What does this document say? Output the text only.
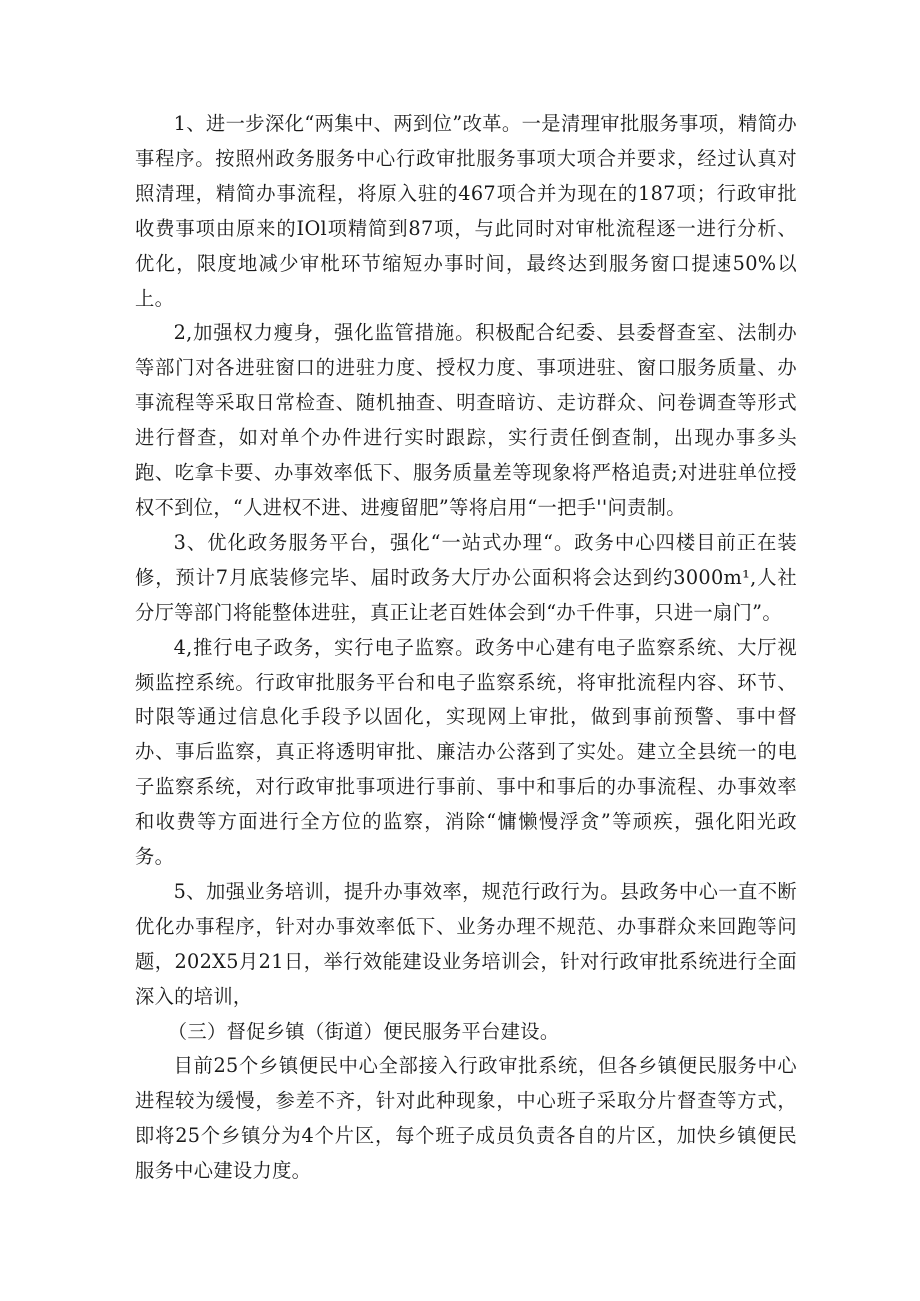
1、进一步深化“两集中、两到位”改革。一是清理审批服务事项，精简办事程序。按照州政务服务中心行政审批服务事项大项合并要求，经过认真对照清理，精简办事流程，将原入驻的467项合并为现在的187项；行政审批收费事项由原来的IOl项精简到87项，与此同时对审枇流程逐一进行分析、优化，限度地减少审枇环节缩短办事时间，最终达到服务窗口提速50%以上。

2,加强权力瘦身，强化监管措施。积极配合纪委、县委督查室、法制办等部门对各进驻窗口的进驻力度、授权力度、事项进驻、窗口服务质量、办事流程等采取日常检查、随机抽查、明查暗访、走访群众、问卷调查等形式进行督查，如对单个办件进行实时跟踪，实行责任倒查制，出现办事多头跑、吃拿卡要、办事效率低下、服务质量差等现象将严格追责;对进驻单位授权不到位，“人进权不进、进瘦留肥”等将启用“一把手''问责制。

3、优化政务服务平台，强化“一站式办理“。政务中心四楼目前正在装修，预计7月底装修完毕、届时政务大厅办公面积将会达到约3000m¹,人社分厅等部门将能整体进驻，真正让老百姓体会到“办千件事，只进一扇门”。

4,推行电子政务，实行电子监察。政务中心建有电子监察系统、大厅视频监控系统。行政审批服务平台和电子监察系统，将审批流程内容、环节、时限等通过信息化手段予以固化，实现网上审批，做到事前预警、事中督办、事后监察，真正将透明审批、廉洁办公落到了实处。建立全县统一的电子监察系统，对行政审批事项进行事前、事中和事后的办事流程、办事效率和收费等方面进行全方位的监察，消除“慵懒慢浮贪”等顽疾，强化阳光政务。

5、加强业务培训，提升办事效率，规范行政行为。县政务中心一直不断优化办事程序，针对办事效率低下、业务办理不规范、办事群众来回跑等问题，202X5月21日，举行效能建设业务培训会，针对行政审批系统进行全面深入的培训，

（三）督促乡镇（街道）便民服务平台建设。

目前25个乡镇便民中心全部接入行政审批系统，但各乡镇便民服务中心进程较为缓慢，参差不齐，针对此种现象，中心班子采取分片督查等方式，即将25个乡镇分为4个片区，每个班子成员负责各自的片区，加快乡镇便民服务中心建设力度。
